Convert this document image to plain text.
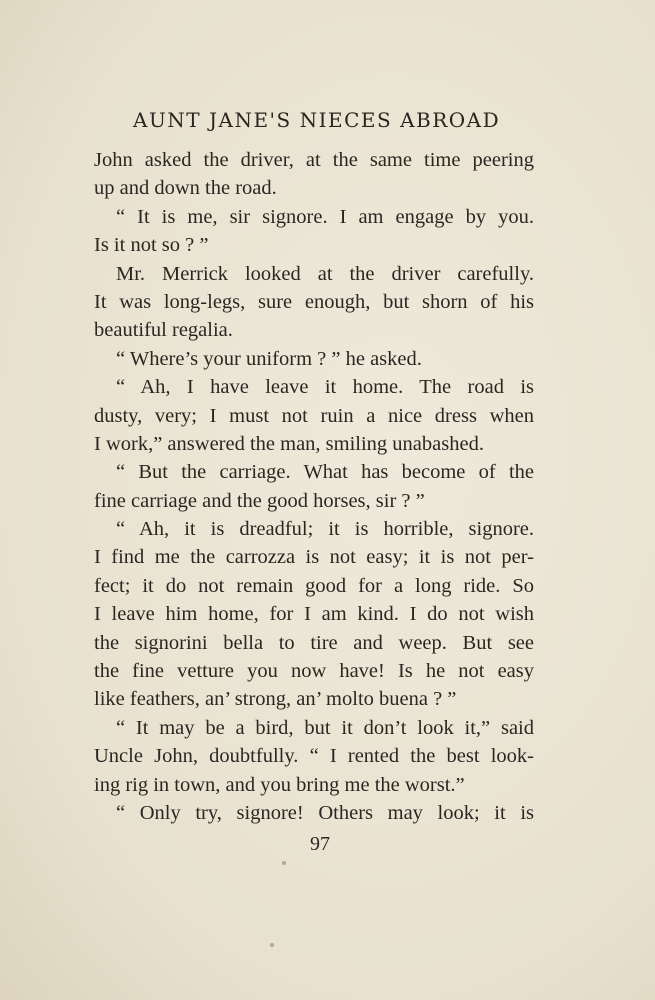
AUNT JANE'S NIECES ABROAD
John asked the driver, at the same time peering
up and down the road.
“ It is me, sir signore. I am engage by you.
Is it not so ? ”
Mr. Merrick looked at the driver carefully.
It was long-legs, sure enough, but shorn of his
beautiful regalia.
“ Where’s your uniform ? ” he asked.
“ Ah, I have leave it home. The road is
dusty, very; I must not ruin a nice dress when
I work,” answered the man, smiling unabashed.
“ But the carriage. What has become of the
fine carriage and the good horses, sir ? ”
“ Ah, it is dreadful; it is horrible, signore.
I find me the carrozza is not easy; it is not per-
fect; it do not remain good for a long ride. So
I leave him home, for I am kind. I do not wish
the signorini bella to tire and weep. But see
the fine vetture you now have! Is he not easy
like feathers, an’ strong, an’ molto buena ? ”
“ It may be a bird, but it don’t look it,” said
Uncle John, doubtfully. “ I rented the best look-
ing rig in town, and you bring me the worst.”
“ Only try, signore! Others may look; it is
97
